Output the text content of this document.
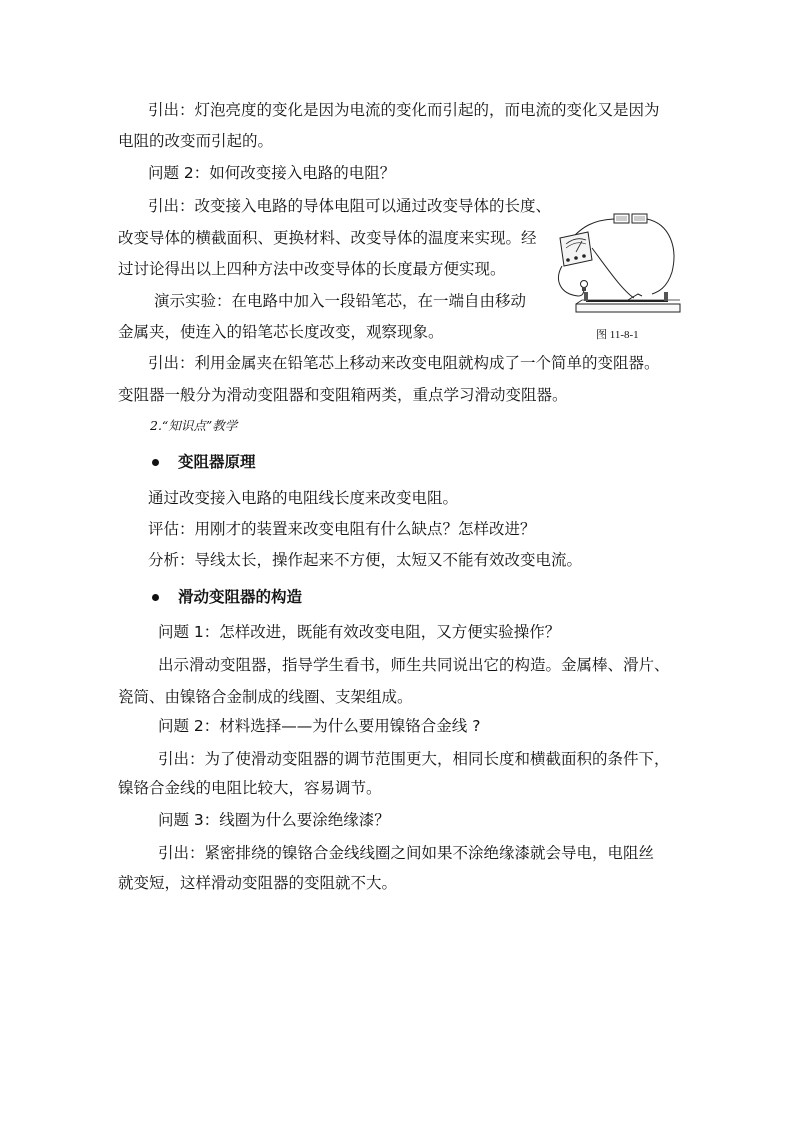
引出：灯泡亮度的变化是因为电流的变化而引起的，而电流的变化又是因为
电阻的改变而引起的。
问题 2：如何改变接入电路的电阻？
引出：改变接入电路的导体电阻可以通过改变导体的长度、
改变导体的横截面积、更换材料、改变导体的温度来实现。经
过讨论得出以上四种方法中改变导体的长度最方便实现。
演示实验：在电路中加入一段铅笔芯，在一端自由移动
金属夹，使连入的铅笔芯长度改变，观察现象。
引出：利用金属夹在铅笔芯上移动来改变电阻就构成了一个简单的变阻器。
变阻器一般分为滑动变阻器和变阻箱两类，重点学习滑动变阻器。
图 11-8-1
2.“知识点”教学
变阻器原理
通过改变接入电路的电阻线长度来改变电阻。
评估：用刚才的装置来改变电阻有什么缺点？怎样改进？
分析：导线太长，操作起来不方便，太短又不能有效改变电流。
滑动变阻器的构造
问题 1：怎样改进，既能有效改变电阻，又方便实验操作？
出示滑动变阻器，指导学生看书，师生共同说出它的构造。金属棒、滑片、
瓷筒、由镍铬合金制成的线圈、支架组成。
问题 2：材料选择——为什么要用镍铬合金线 ?
引出：为了使滑动变阻器的调节范围更大，相同长度和横截面积的条件下，
镍铬合金线的电阻比较大，容易调节。
问题 3：线圈为什么要涂绝缘漆？
引出：紧密排绕的镍铬合金线线圈之间如果不涂绝缘漆就会导电，电阻丝
就变短，这样滑动变阻器的变阻就不大。
